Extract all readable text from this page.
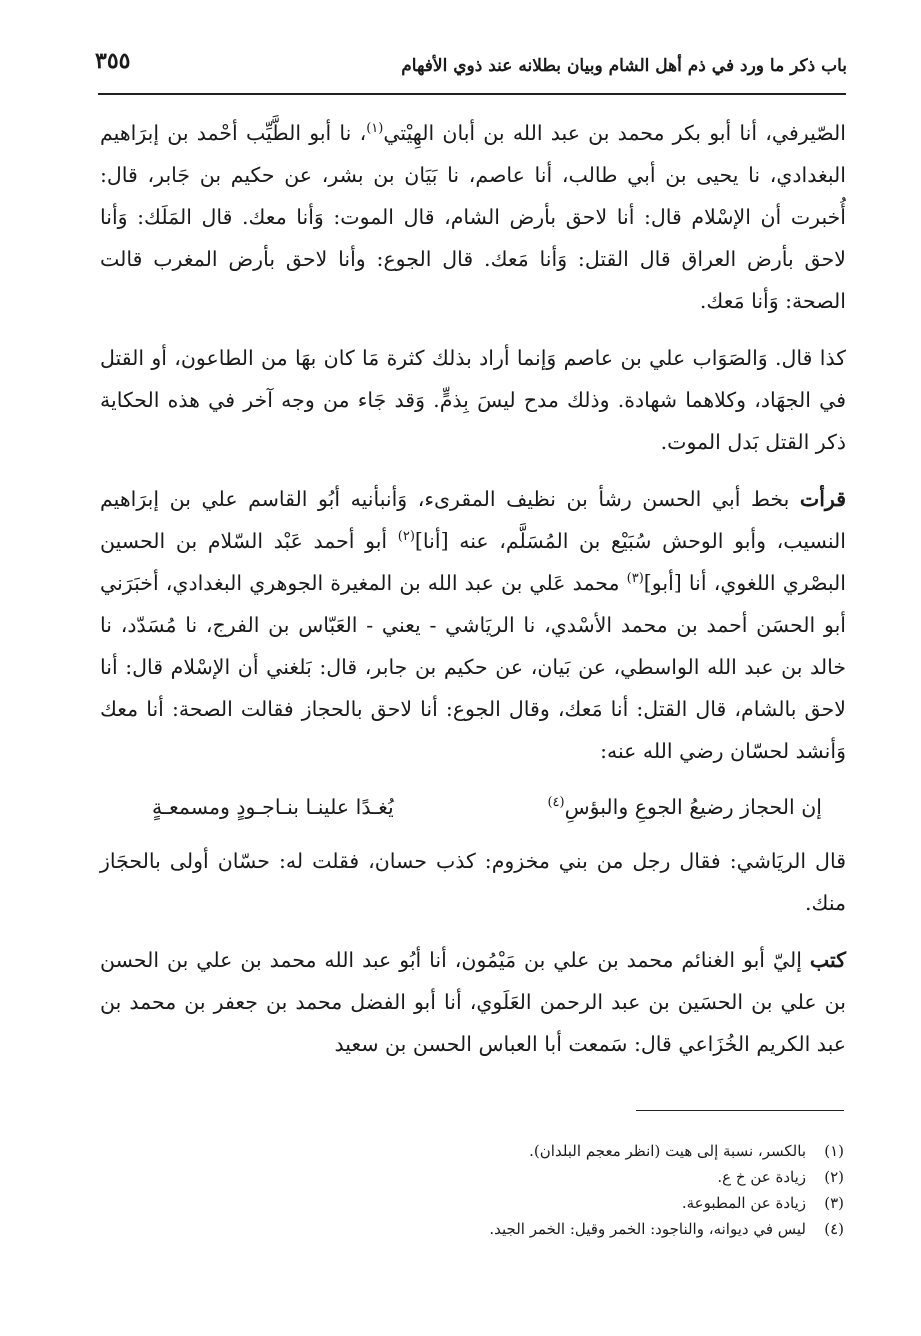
باب ذكر ما ورد في ذم أهل الشام وبيان بطلانه عند ذوي الأفهام
٣٥٥

الصّيرفي، أنا أبو بكر محمد بن عبد الله بن أبان الهِيْتي$^{(١)}$، نا أبو الطَّيِّب أحْمد بن إبرَاهيم البغدادي، نا يحيى بن أبي طالب، أنا عاصم، نا بَيَان بن بشر، عن حكيم بن جَابر، قال: أُخبرت أن الإسْلام قال: أنا لاحق بأرض الشام، قال الموت: وَأنا معك. قال المَلَك: وَأنا لاحق بأرض العراق قال القتل: وَأنا مَعك. قال الجوع: وأنا لاحق بأرض المغرب قالت الصحة: وَأنا مَعك.

كذا قال. وَالصَوَاب علي بن عاصم وَإنما أراد بذلك كثرة مَا كان بهَا من الطاعون، أو القتل في الجهَاد، وكلاهما شهادة. وذلك مدح ليسَ بِذمٍّ. وَقد جَاء من وجه آخر في هذه الحكاية ذكر القتل بَدل الموت.

قرأت بخط أبي الحسن رشأ بن نظيف المقرىء، وَأنبأنيه أبُو القاسم علي بن إبرَاهيم النسيب، وأبو الوحش سُبَيْع بن المُسَلَّم، عنه [أنا]$^{(٢)}$ أبو أحمد عَبْد السّلام بن الحسين البصْري اللغوي، أنا [أبو]$^{(٣)}$ محمد عَلي بن عبد الله بن المغيرة الجوهري البغدادي، أخبَرَني أبو الحسَن أحمد بن محمد الأسْدي، نا الريَاشي - يعني - العَبّاس بن الفرج، نا مُسَدّد، نا خالد بن عبد الله الواسطي، عن بَيان، عن حكيم بن جابر، قال: بَلغني أن الإسْلام قال: أنا لاحق بالشام، قال القتل: أنا مَعك، وقال الجوع: أنا لاحق بالحجاز فقالت الصحة: أنا معك وَأنشد لحسّان رضي الله عنه:

إن الحجاز رضيعُ الجوعِ والبؤسِ$^{(٤)}$
يُغـدًا علينـا بنـاجـودٍ ومسمعـةٍ

قال الريَاشي: فقال رجل من بني مخزوم: كذب حسان، فقلت له: حسّان أولى بالحجَاز منك.

كتب إليّ أبو الغنائم محمد بن علي بن مَيْمُون، أنا أبُو عبد الله محمد بن علي بن الحسن بن علي بن الحسَين بن عبد الرحمن العَلَوي، أنا أبو الفضل محمد بن جعفر بن محمد بن عبد الكريم الخُزَاعي قال: سَمعت أبا العباس الحسن بن سعيد

(١)بالكسر، نسبة إلى هيت (انظر معجم البلدان).

(٢)زيادة عن خ ع.

(٣)زيادة عن المطبوعة.

(٤)ليس في ديوانه، والناجود: الخمر وقيل: الخمر الجيد.
